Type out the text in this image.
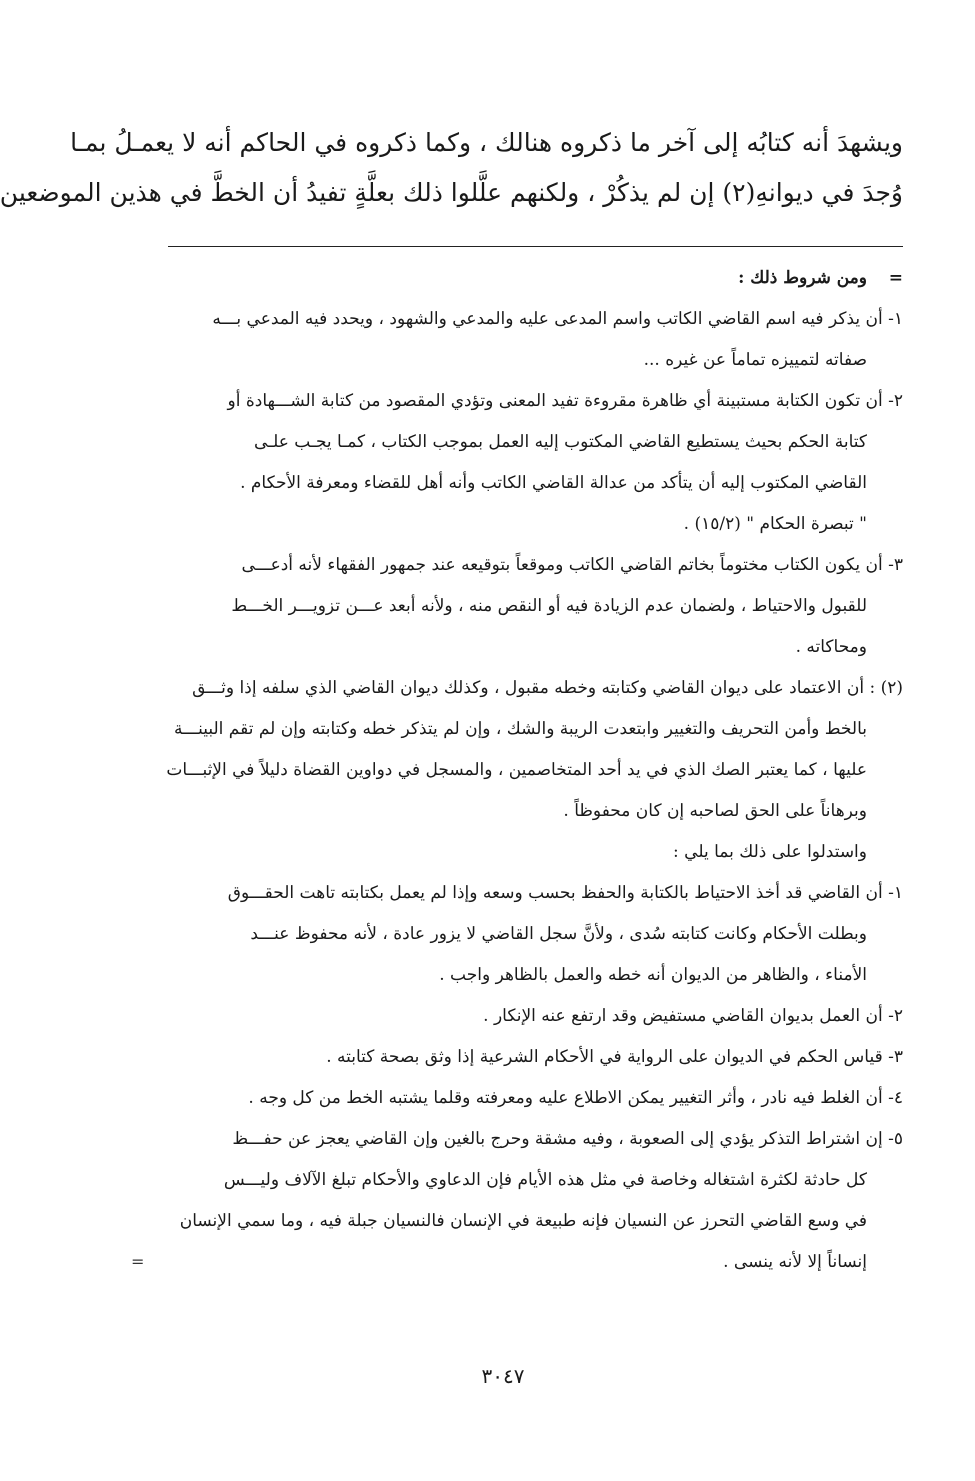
ويشهدَ أنه كتابُه إلى آخر ما ذكروه هنالك ، وكما ذكروه في الحاكم أنه لا يعمـلُ بمـا
وُجدَ في ديوانهِ(٢) إن لم يذكُرْ ، ولكنهم علَّلوا ذلك بعلَّةٍ تفيدُ أن الخطَّ في هذين الموضعين
=ومن شروط ذلك :
١- أن يذكر فيه اسم القاضي الكاتب واسم المدعى عليه والمدعي والشهود ، ويحدد فيه المدعي بـــه
صفاته لتمييزه تماماً عن غيره ...
٢- أن تكون الكتابة مستبينة أي ظاهرة مقروءة تفيد المعنى وتؤدي المقصود من كتابة الشـــهادة أو
كتابة الحكم بحيث يستطيع القاضي المكتوب إليه العمل بموجب الكتاب ، كمـا يجـب علـى
القاضي المكتوب إليه أن يتأكد من عدالة القاضي الكاتب وأنه أهل للقضاء ومعرفة الأحكام .
" تبصرة الحكام " (١٥/٢) .
٣- أن يكون الكتاب مختوماً بخاتم القاضي الكاتب وموقعاً بتوقيعه عند جمهور الفقهاء لأنه أدعـــى
للقبول والاحتياط ، ولضمان عدم الزيادة فيه أو النقص منه ، ولأنه أبعد عـــن تزويـــر الخـــط
ومحاكاته .
(٢) : أن الاعتماد على ديوان القاضي وكتابته وخطه مقبول ، وكذلك ديوان القاضي الذي سلفه إذا وثـــق
بالخط وأمن التحريف والتغيير وابتعدت الريبة والشك ، وإن لم يتذكر خطه وكتابته وإن لم تقم البينـــة
عليها ، كما يعتبر الصك الذي في يد أحد المتخاصمين ، والمسجل في دواوين القضاة دليلاً في الإثبـــات
وبرهاناً على الحق لصاحبه إن كان محفوظاً .
واستدلوا على ذلك بما يلي :
١- أن القاضي قد أخذ الاحتياط بالكتابة والحفظ بحسب وسعه وإذا لم يعمل بكتابته تاهت الحقـــوق
وبطلت الأحكام وكانت كتابته سُدى ، ولأنَّ سجل القاضي لا يزور عادة ، لأنه محفوظ عنـــد
الأمناء ، والظاهر من الديوان أنه خطه والعمل بالظاهر واجب .
٢- أن العمل بديوان القاضي مستفيض وقد ارتفع عنه الإنكار .
٣- قياس الحكم في الديوان على الرواية في الأحكام الشرعية إذا وثق بصحة كتابته .
٤- أن الغلط فيه نادر ، وأثر التغيير يمكن الاطلاع عليه ومعرفته وقلما يشتبه الخط من كل وجه .
٥- إن اشتراط التذكر يؤدي إلى الصعوبة ، وفيه مشقة وحرج بالغين وإن القاضي يعجز عن حفـــظ
كل حادثة لكثرة اشتغاله وخاصة في مثل هذه الأيام فإن الدعاوي والأحكام تبلغ الآلاف وليـــس
في وسع القاضي التحرز عن النسيان فإنه طبيعة في الإنسان فالنسيان جبلة فيه ، وما سمي الإنسان
إنساناً إلا لأنه ينسى .
=
٣٠٤٧
